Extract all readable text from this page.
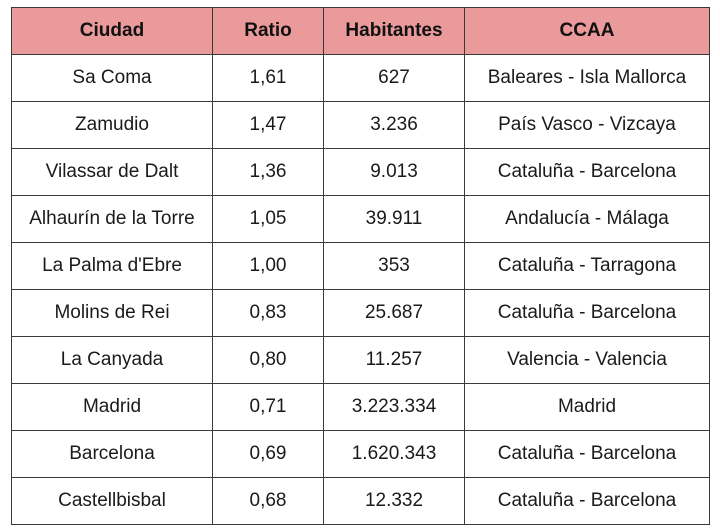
Ciudad	Ratio	Habitantes	CCAA
Sa Coma	1,61	627	Baleares - Isla Mallorca
Zamudio	1,47	3.236	País Vasco - Vizcaya
Vilassar de Dalt	1,36	9.013	Cataluña - Barcelona
Alhaurín de la Torre	1,05	39.911	Andalucía - Málaga
La Palma d'Ebre	1,00	353	Cataluña - Tarragona
Molins de Rei	0,83	25.687	Cataluña - Barcelona
La Canyada	0,80	11.257	Valencia - Valencia
Madrid	0,71	3.223.334	Madrid
Barcelona	0,69	1.620.343	Cataluña - Barcelona
Castellbisbal	0,68	12.332	Cataluña - Barcelona
